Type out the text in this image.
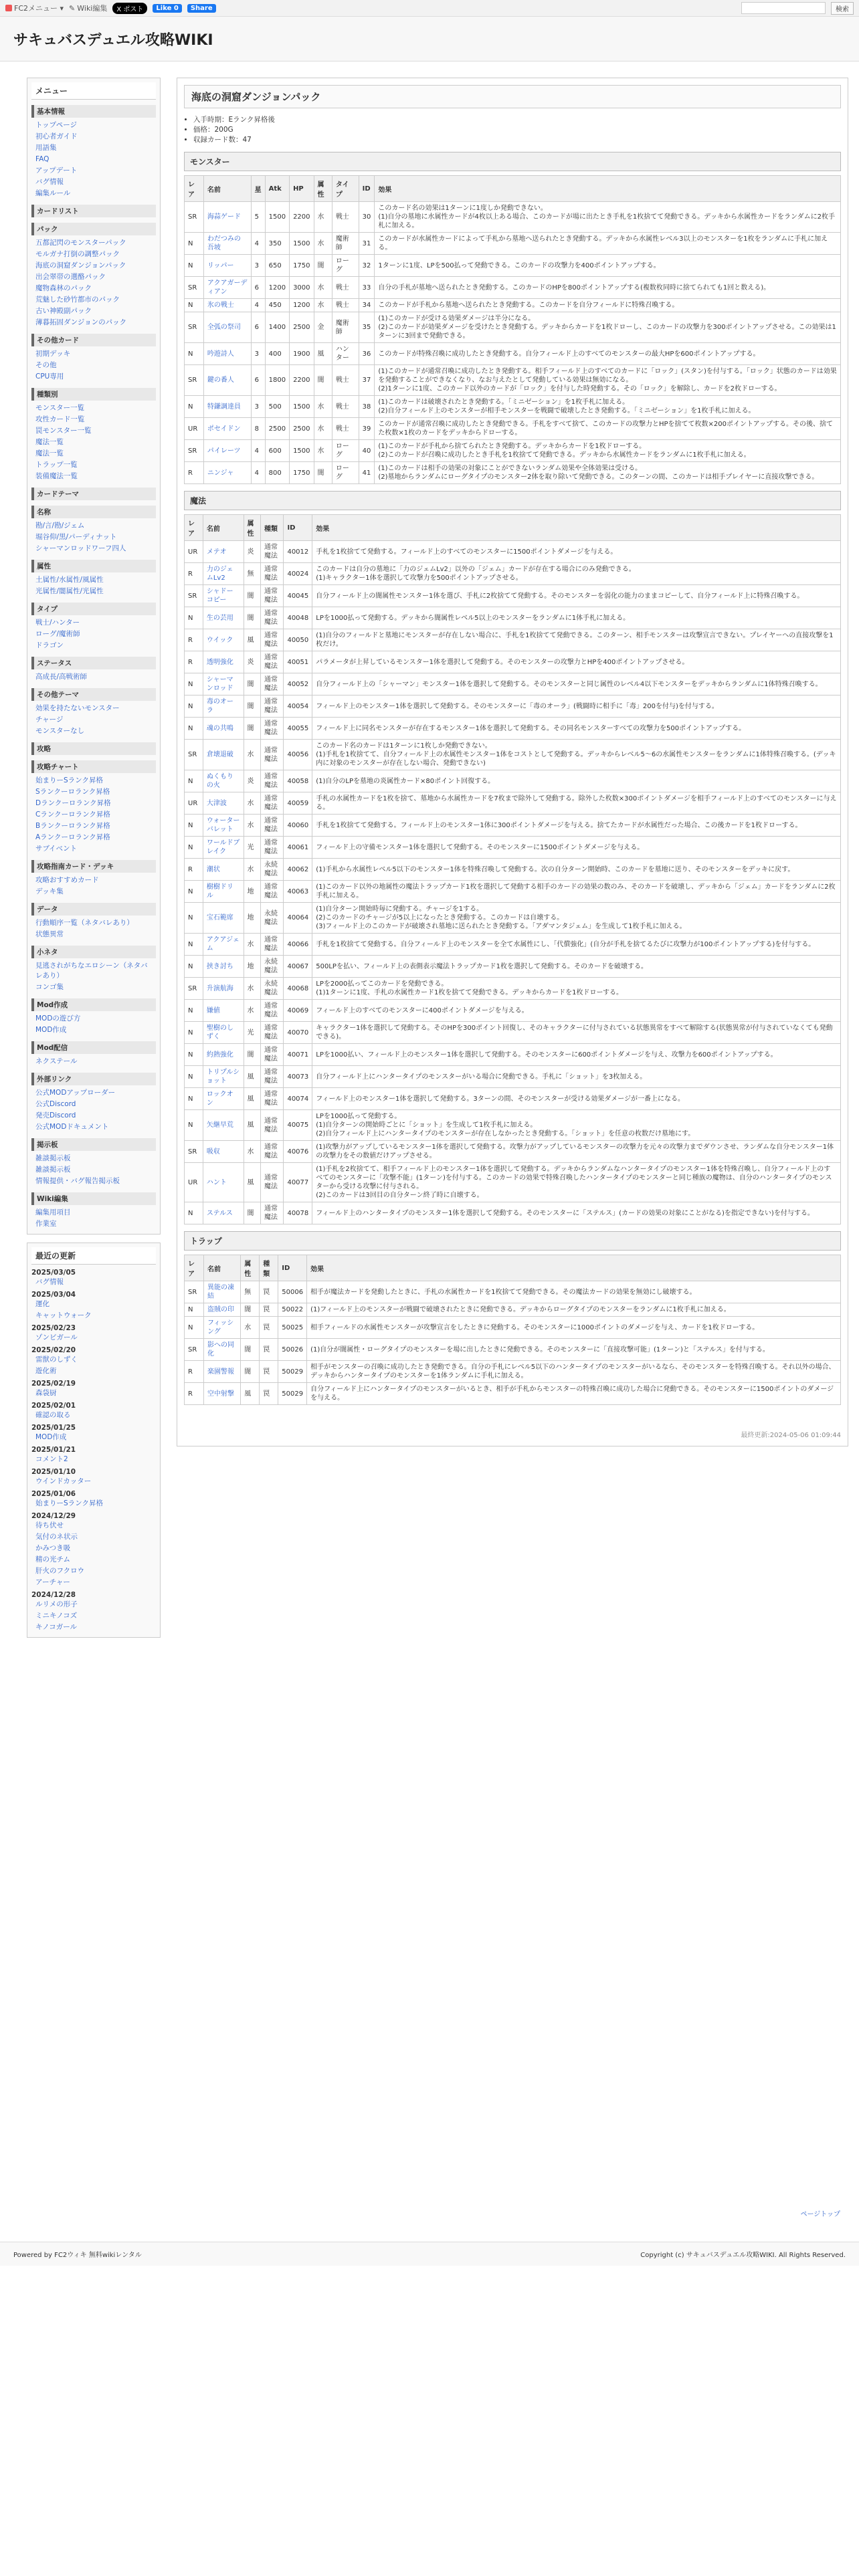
FC2メニュー ▾ ✎ Wiki編集	X ポスト	Like 0	Share	検索
サキュバスデュエル攻略WIKI
メニュー
基本情報
トップページ
初心者ガイド
用語集
FAQ
アップデート
バグ情報
編集ルール
カードリスト
パック
五都記閃のモンスターパック
モルガナ打倒の調整パック
海底の洞窟ダンジョンパック
出会翠帯の選酪パック
魔物森林のパック
荒魅した砂竹都市のパック
古い神殿副パック
薄暮拓固ダンジョンのパック
その他カード
初期デッキ
その他
CPU専用
種類別
モンスター一覧
攻性カード一覧
罠モンスター一覧
魔法一覧
魔法一覧
トラップ一覧
装備魔法一覧
カードテーマ
名称
勘/言/勘/ジェム
堀谷仰/黒/パーディナット
シャーマンロッドワーフ四人
属性
土属性/水属性/風属性
光属性/闇属性/光属性
タイプ
戦士/ハンター
ローグ/魔術師
ドラゴン
ステータス
高成長/高戦術師
その他テーマ
効果を持たないモンスター
チャージ
モンスターなし
攻略
攻略チャート
始まりーSランク昇格
Sランクーロランク昇格
Dランクーロランク昇格
Cランクーロランク昇格
Bランクーロランク昇格
Aランクーロランク昇格
サブイベント
攻略指南カード・デッキ
攻略おすすめカード
デッキ集
データ
行動順序一覧（ネタバレあり）
状態異常
小ネタ
見逃されがちなエロシーン（ネタバレあり）
コンゴ集
Mod作成
MODの遊び方
MOD作成
Mod配信
ネクステール
外部リンク
公式MODアップローダー
公式Discord
発売Discord
公式MODドキュメント
掲示板
雑談掲示板
雑談掲示板
情報提供・バグ報告掲示板
Wiki編集
編集用項目
作業室
最近の更新
2025/03/05
バグ情報
2025/03/04
運化
キャットウォーク
2025/02/23
ゾンビガール
2025/02/20
雷獣のしずく
遊化術
2025/02/19
森袋厨
2025/02/01
確認の取る
2025/01/25
MOD作成
2025/01/21
コメント2
2025/01/10
ウインドカッター
2025/01/06
始まりーSランク昇格
2024/12/29
待ち伏せ
気付のネ状示
かみつき吸
精の光チム
肝火のフクロウ
アーチャー
2024/12/28
ルリメの形子
ミニキノコズ
キノコガール
海底の洞窟ダンジョンパック
• 入手時期：Eランク昇格後
• 価格：200G
• 収録カード数：47
モンスター
レア	名前	星	Atk	HP	属性	タイプ	ID	効果
SR	海蒜ゲード	5	1500	2200	水	戦士	30	このカード名の効果は1ターンに1度しか発動できない。
(1)自分の墓地に水属性カードが4枚以上ある場合、このカードが場に出たとき手札を1枚捨てて発動できる。デッキから水属性カードをランダムに2枚手札に加える。
N	わだつみの吾坡	4	350	1500	水	魔術師	31	このカードが水属性カードによって手札から墓地へ送られたとき発動する。デッキから水属性レベル3以上のモンスターを1枚をランダムに手札に加える。
N	リッパー	3	650	1750	闇	ローグ	32	1ターンに1度、LPを500払って発動できる。このカードの攻撃力を400ポイントアップする。
SR	アクアガーディアン	6	1200	3000	水	戦士	33	自分の手札が墓地へ送られたとき発動する。このカードのHPを800ポイントアップする(複数枚同時に捨てられても1回と数える)。
N	氷の戦士	4	450	1200	水	戦士	34	このカードが手札から墓地へ送られたとき発動する。このカードを自分フィールドに特殊召喚する。
SR	全弧の祭司	6	1400	2500	金	魔術師	35	(1)このカードが受ける効果ダメージは半分になる。
(2)このカードが効果ダメージを受けたとき発動する。デッキからカードを1枚ドローし、このカードの攻撃力を300ポイントアップさせる。この効果は1ターンに3回まで発動できる。
N	吟遊詩人	3	400	1900	風	ハンター	36	このカードが特殊召喚に成功したとき発動する。自分フィールド上のすべてのモンスターの最大HPを600ポイントアップする。
SR	鍵の番人	6	1800	2200	闇	戦士	37	(1)このカードが通常召喚に成功したとき発動する。相手フィールド上のすべてのカードに「ロック」(スタン)を付与する。「ロック」状態のカードは効果を発動することができなくなり、なお与えたとして発動している効果は無効になる。
(2)1ターンに1度、このカード以外のカードが「ロック」を付与した時発動する。その「ロック」を解除し、カードを2枚ドローする。
N	特鎌調達員	3	500	1500	水	戦士	38	(1)このカードは破壊されたとき発動する。「ミニゼーション」を1枚手札に加える。
(2)自分フィールド上のモンスターが相手モンスターを戦闘で破壊したとき発動する。「ミニゼーション」を1枚手札に加える。
UR	ポセイドン	8	2500	2500	水	戦士	39	このカードが通常召喚に成功したとき発動できる。手札をすべて捨て、このカードの攻撃力とHPを捨てて枚数×200ポイントアップする。その後、捨てた枚数×1枚のカードをデッキからドローする。
SR	パイレーツ	4	600	1500	水	ローグ	40	(1)このカードが手札から捨てられたとき発動する。デッキからカードを1枚ドローする。
(2)このカードが召喚に成功したとき手札を1枚捨てて発動できる。デッキから水属性カードをランダムに1枚手札に加える。
R	ニンジャ	4	800	1750	闇	ローグ	41	(1)このカードは相手の効果の対象にことができないランダム効果や全体効果は受ける。
(2)墓地からランダムにローグタイプのモンスター2体を取り除いて発動できる。このターンの間、このカードは相手プレイヤーに直接攻撃できる。
魔法
レア	名前	属性	種類	ID	効果
UR	メテオ	炎	通常魔法	40012	手札を1枚捨てて発動する。フィールド上のすべてのモンスターに1500ポイントダメージを与える。
R	力のジェムLv2	無	通常魔法	40024	このカードは自分の墓地に「力のジェムLv2」以外の「ジェム」カードが存在する場合にのみ発動できる。
(1)キャラクター1体を選択して攻撃力を500ポイントアップさせる。
SR	シャドーコピー	闇	通常魔法	40045	自分フィールド上の闇属性モンスター1体を選び、手札に2枚捨てて発動する。そのモンスターを弱化の能力のままコピーして、自分フィールド上に特殊召喚する。
N	生の芸用	闇	通常魔法	40048	LPを1000払って発動する。デッキから闇属性レベル5以上のモンスターをランダムに1体手札に加える。
R	ウイック	風	通常魔法	40050	(1)自分のフィールドと墓地にモンスターが存在しない場合に、手札を1枚捨てて発動できる。このターン、相手モンスターは攻撃宣言できない。プレイヤーへの直接攻撃を1枚だけ。
R	透明強化	炎	通常魔法	40051	パラメータが上昇しているモンスター1体を選択して発動する。そのモンスターの攻撃力とHPを400ポイントアップさせる。
N	シャーマンロッド	闇	通常魔法	40052	自分フィールド上の「シャーマン」モンスター1体を選択して発動する。そのモンスターと同じ属性のレベル4以下モンスターをデッキからランダムに1体特殊召喚する。
N	毒のオーラ	闇	通常魔法	40054	フィールド上のモンスター1体を選択して発動する。そのモンスターに「毒のオーラ」(戦闘時に相手に「毒」200を付与)を付与する。
N	魂の共鳴	闇	通常魔法	40055	フィールド上に同名モンスターが存在するモンスター1体を選択して発動する。その同名モンスターすべての攻撃力を500ポイントアップする。
SR	倉壊退破	水	通常魔法	40056	このカード名のカードは1ターンに1枚しか発動できない。
(1)手札を1枚捨てて、自分フィールド上の水属性モンスター1体をコストとして発動する。デッキからレベル5〜6の水属性モンスターをランダムに1体特殊召喚する。(デッキ内に対象のモンスターが存在しない場合、発動できない)
N	ぬくもりの火	炎	通常魔法	40058	(1)自分のLPを墓地の炎属性カード×80ポイント回復する。
UR	大津波	水	通常魔法	40059	手札の水属性カードを1枚を捨て、墓地から水属性カードを7枚まで除外して発動する。除外した枚数×300ポイントダメージを相手フィールド上のすべてのモンスターに与える。
N	ウォーターバレット	水	通常魔法	40060	手札を1枚捨てて発動する。フィールド上のモンスター1体に300ポイントダメージを与える。捨てたカードが水属性だった場合、この後カードを1枚ドローする。
N	ワールドブレイク	光	通常魔法	40061	フィールド上の守備モンスター1体を選択して発動する。そのモンスターに1500ポイントダメージを与える。
R	潮状	水	永続魔法	40062	(1)手札から水属性レベル5以下のモンスター1体を特殊召喚して発動する。次の自分ターン開始時、このカードを墓地に送り、そのモンスターをデッキに戻す。
N	樹樹ドリル	地	通常魔法	40063	(1)このカード以外の地属性の魔法トラップカード1枚を選択して発動する相手のカードの効果の数のみ、そのカードを破壊し、デッキから「ジェム」カードをランダムに2枚手札に加える。
N	宝石範席	地	永続魔法	40064	(1)自分ターン開始時毎に発動する。チャージを1する。
(2)このカードのチャージが5以上になったとき発動する。このカードは自壊する。
(3)フィールド上のこのカードが破壊され墓地に送られたとき発動する。「アダマンタジェム」を生成して1枚手札に加える。
N	アクアジェム	水	通常魔法	40066	手札を1枚捨てて発動する。自分フィールド上のモンスターを全て水属性にし、「代償強化」(自分が手札を捨てるたびに攻撃力が100ポイントアップする)を付与する。
N	挟き討ち	地	永続魔法	40067	500LPを払い、フィールド上の表側表示魔法トラップカード1枚を選択して発動する。そのカードを破壊する。
SR	升演航海	水	永続魔法	40068	LPを2000払ってこのカードを発動できる。
(1)1ターンに1度、手札の水属性カード1枚を捨てて発動できる。デッキからカードを1枚ドローする。
N	嫌値	水	通常魔法	40069	フィールド上のすべてのモンスターに400ポイントダメージを与える。
N	聖樹のしずく	光	通常魔法	40070	キャラクター1体を選択して発動する。そのHPを300ポイント回復し、そのキャラクターに付与されている状態異常をすべて解除する(状態異常が付与されていなくても発動できる)。
N	約熱強化	闇	通常魔法	40071	LPを1000払い、フィールド上のモンスター1体を選択して発動する。そのモンスターに600ポイントダメージを与え、攻撃力を600ポイントアップする。
N	トリプルショット	風	通常魔法	40073	自分フィールド上にハンタータイプのモンスターがいる場合に発動できる。手札に「ショット」を3枚加える。
N	ロックオン	風	通常魔法	40074	フィールド上のモンスター1体を選択して発動する。3ターンの間、そのモンスターが受ける効果ダメージが一番上になる。
N	矢継早荒	風	通常魔法	40075	LPを1000払って発動する。
(1)自分ターンの開始時ごとに「ショット」を生成して1枚手札に加える。
(2)自分フィールド上にハンタータイプのモンスターが存在しなかったとき発動する。「ショット」を任意の枚数だけ墓地にす。
SR	吸収	水	通常魔法	40076	(1)攻撃力がアップしているモンスター1体を選択して発動する。攻撃力がアップしているモンスターの攻撃力を元々の攻撃力までダウンさせ、ランダムな自分モンスター1体の攻撃力をその数値だけアップさせる。
UR	ハント	風	通常魔法	40077	(1)手札を2枚捨てて、相手フィールド上のモンスター1体を選択して発動する。デッキからランダムなハンタータイプのモンスター1体を特殊召喚し、自分フィールド上のすべてのモンスターに「攻撃不能」(1ターン)を付与する。このカードの効果で特殊召喚したハンタータイプのモンスターと同じ種族の魔物は、自分のハンタータイプのモンスターから受ける攻撃に付与される。
(2)このカードは3回目の自分ターン終了時に自壊する。
N	ステルス	闇	通常魔法	40078	フィールド上のハンタータイプのモンスター1体を選択して発動する。そのモンスターに「ステルス」(カードの効果の対象にことがなる)を指定できない)を付与する。
トラップ
レア	名前	属性	種類	ID	効果
SR	異能の凍結	無	罠	50006	相手が魔法カードを発動したときに、手札の水属性カードを1枚捨てて発動できる。その魔法カードの効果を無効にし破壊する。
N	盗賊の印	闇	罠	50022	(1)フィールド上のモンスターが戦闘で破壊されたときに発動できる。デッキからローグタイプのモンスターをランダムに1枚手札に加える。
N	フィッシング	水	罠	50025	相手フィールドの水属性モンスターが攻撃宣言をしたときに発動する。そのモンスターに1000ポイントのダメージを与え、カードを1枚ドローする。
SR	影への同化	闇	罠	50026	(1)自分が闇属性・ローグタイプのモンスターを場に出したときに発動できる。そのモンスターに「直接攻撃可能」(1ターン)と「ステルス」を付与する。
R	楽園警報	闇	罠	50029	相手がモンスターの召喚に成功したとき発動できる。自分の手札にレベル5以下のハンタータイプのモンスターがいるなら、そのモンスターを特殊召喚する。それ以外の場合、デッキからハンタータイプのモンスターを1体ランダムに手札に加える。
R	空中射撃	風	罠	50029	自分フィールド上にハンタータイプのモンスターがいるとき、相手が手札からモンスターの特殊召喚に成功した場合に発動できる。そのモンスターに1500ポイントのダメージを与える。
最終更新:2024-05-06 01:09:44
ページトップ
Powered by FC2ウィキ 無料wikiレンタル	Copyright (c) サキュバスデュエル攻略WIKI. All Rights Reserved.
